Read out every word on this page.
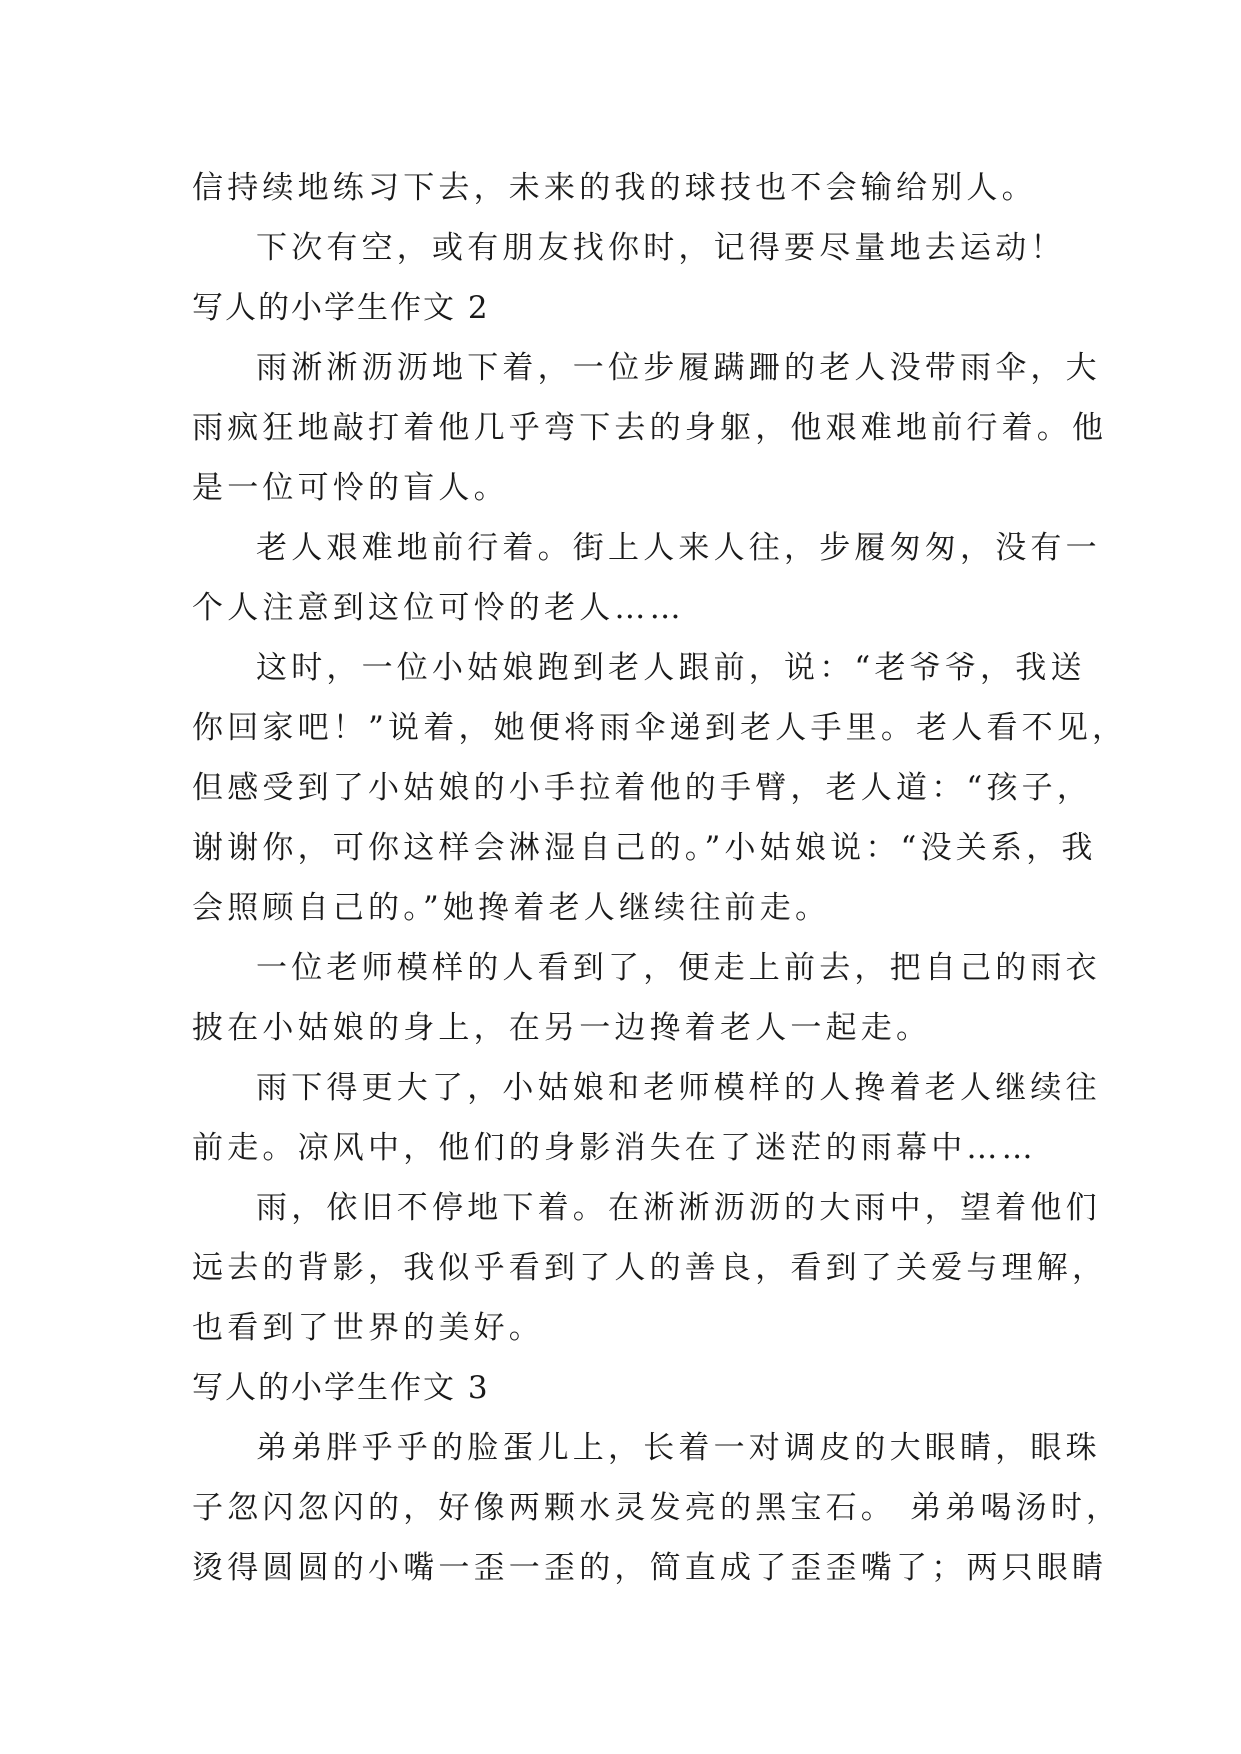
信持续地练习下去，未来的我的球技也不会输给别人。
下次有空，或有朋友找你时，记得要尽量地去运动！
写人的小学生作文 2
雨淅淅沥沥地下着，一位步履蹒跚的老人没带雨伞，大
雨疯狂地敲打着他几乎弯下去的身躯，他艰难地前行着。他
是一位可怜的盲人。
老人艰难地前行着。街上人来人往，步履匆匆，没有一
个人注意到这位可怜的老人……
这时，一位小姑娘跑到老人跟前，说：“老爷爷，我送
你回家吧！”说着，她便将雨伞递到老人手里。老人看不见，
但感受到了小姑娘的小手拉着他的手臂，老人道：“孩子，
谢谢你，可你这样会淋湿自己的。”小姑娘说：“没关系，我
会照顾自己的。”她搀着老人继续往前走。
一位老师模样的人看到了，便走上前去，把自己的雨衣
披在小姑娘的身上，在另一边搀着老人一起走。
雨下得更大了，小姑娘和老师模样的人搀着老人继续往
前走。凉风中，他们的身影消失在了迷茫的雨幕中……
雨，依旧不停地下着。在淅淅沥沥的大雨中，望着他们
远去的背影，我似乎看到了人的善良，看到了关爱与理解，
也看到了世界的美好。
写人的小学生作文 3
弟弟胖乎乎的脸蛋儿上，长着一对调皮的大眼睛，眼珠
子忽闪忽闪的，好像两颗水灵发亮的黑宝石。 弟弟喝汤时，
烫得圆圆的小嘴一歪一歪的，简直成了歪歪嘴了；两只眼睛
